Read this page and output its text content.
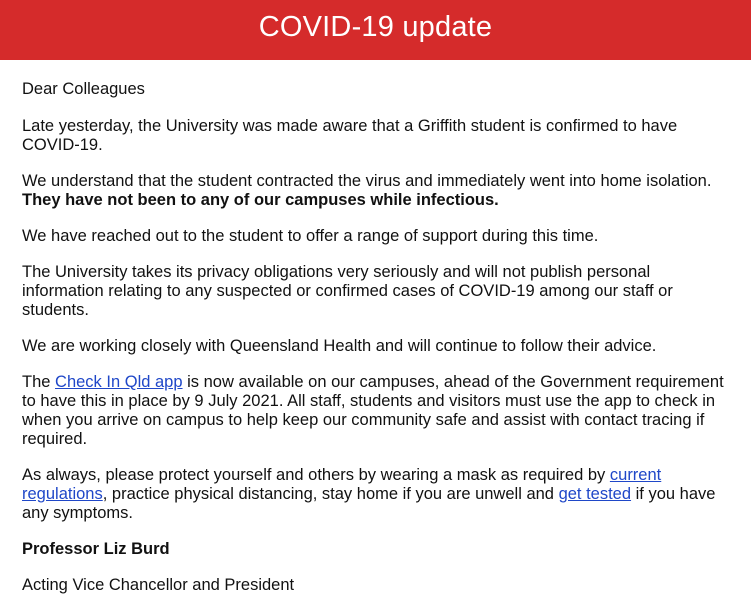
COVID-19 update

Dear Colleagues

Late yesterday, the University was made aware that a Griffith student is confirmed to have COVID-19.

We understand that the student contracted the virus and immediately went into home isolation.
They have not been to any of our campuses while infectious.

We have reached out to the student to offer a range of support during this time.

The University takes its privacy obligations very seriously and will not publish personal information relating to any suspected or confirmed cases of COVID-19 among our staff or students.

We are working closely with Queensland Health and will continue to follow their advice.

The Check In Qld app is now available on our campuses, ahead of the Government requirement to have this in place by 9 July 2021. All staff, students and visitors must use the app to check in when you arrive on campus to help keep our community safe and assist with contact tracing if required.

As always, please protect yourself and others by wearing a mask as required by current regulations, practice physical distancing, stay home if you are unwell and get tested if you have any symptoms.

Professor Liz Burd

Acting Vice Chancellor and President
